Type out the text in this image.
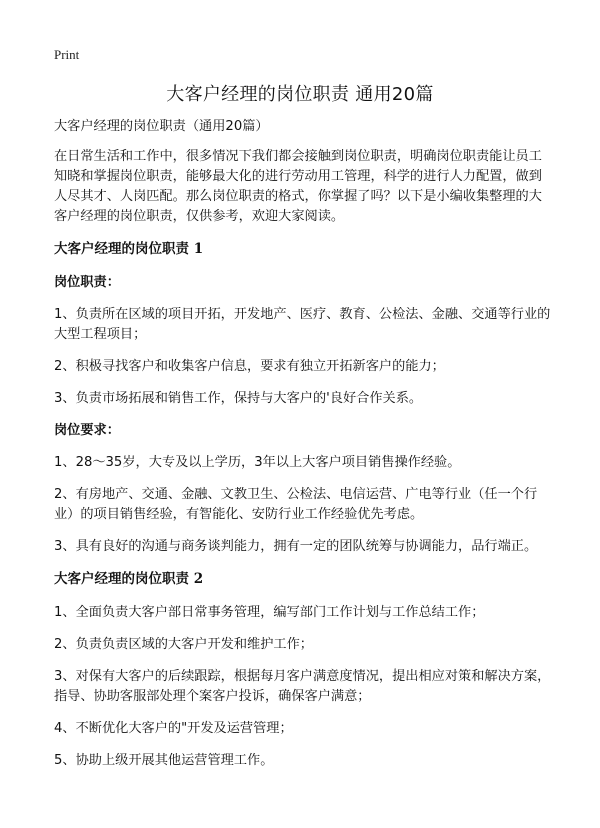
Print
大客户经理的岗位职责 通用20篇

大客户经理的岗位职责（通用20篇）

在日常生活和工作中，很多情况下我们都会接触到岗位职责，明确岗位职责能让员工知晓和掌握岗位职责，能够最大化的进行劳动用工管理，科学的进行人力配置，做到人尽其才、人岗匹配。那么岗位职责的格式，你掌握了吗？以下是小编收集整理的大客户经理的岗位职责，仅供参考，欢迎大家阅读。

大客户经理的岗位职责 1

岗位职责：

1、负责所在区域的项目开拓，开发地产、医疗、教育、公检法、金融、交通等行业的大型工程项目；

2、积极寻找客户和收集客户信息，要求有独立开拓新客户的能力；

3、负责市场拓展和销售工作，保持与大客户的'良好合作关系。

岗位要求：

1、28～35岁，大专及以上学历，3年以上大客户项目销售操作经验。

2、有房地产、交通、金融、文教卫生、公检法、电信运营、广电等行业（任一个行业）的项目销售经验，有智能化、安防行业工作经验优先考虑。

3、具有良好的沟通与商务谈判能力，拥有一定的团队统筹与协调能力，品行端正。

大客户经理的岗位职责 2

1、全面负责大客户部日常事务管理，编写部门工作计划与工作总结工作；

2、负责负责区域的大客户开发和维护工作；

3、对保有大客户的后续跟踪，根据每月客户满意度情况，提出相应对策和解决方案，指导、协助客服部处理个案客户投诉，确保客户满意；

4、不断优化大客户的"开发及运营管理；

5、协助上级开展其他运营管理工作。
